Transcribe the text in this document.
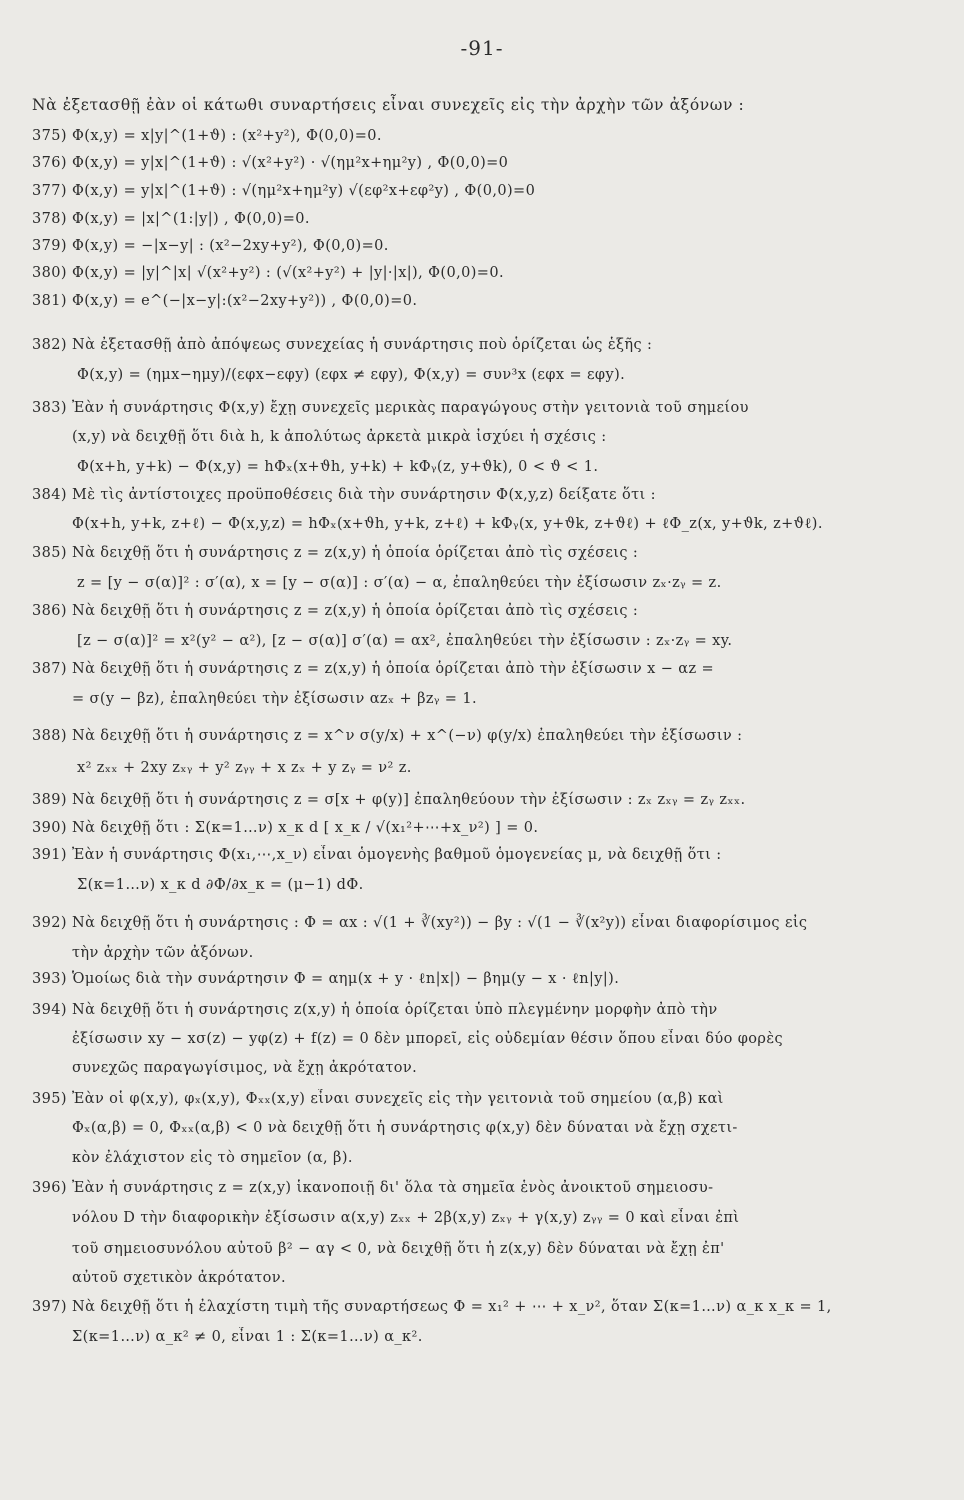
-91-
Νὰ ἐξετασθῇ ἐὰν οἱ κάτωθι συναρτήσεις εἶναι συνεχεῖς εἰς τὴν ἀρχὴν τῶν ἀξόνων :
375) Φ(x,y) = x|y|^(1+ϑ) : (x²+y²), Φ(0,0)=0.
376) Φ(x,y) = y|x|^(1+ϑ) : √(x²+y²) · √(ημ²x+ημ²y) , Φ(0,0)=0
377) Φ(x,y) = y|x|^(1+ϑ) : √(ημ²x+ημ²y) √(εφ²x+εφ²y) , Φ(0,0)=0
378) Φ(x,y) = |x|^(1:|y|) , Φ(0,0)=0.
379) Φ(x,y) = −|x−y| : (x²−2xy+y²), Φ(0,0)=0.
380) Φ(x,y) = |y|^|x| √(x²+y²) : (√(x²+y²) + |y|·|x|), Φ(0,0)=0.
381) Φ(x,y) = e^(−|x−y|:(x²−2xy+y²)) , Φ(0,0)=0.
382) Νὰ ἐξετασθῇ ἀπὸ ἀπόψεως συνεχείας ἡ συνάρτησις ποὺ ὁρίζεται ὡς ἑξῆς :
Φ(x,y) = (ημx−ημy)/(εφx−εφy) (εφx ≠ εφy), Φ(x,y) = συν³x (εφx = εφy).
383) Ἐὰν ἡ συνάρτησις Φ(x,y) ἔχῃ συνεχεῖς μερικὰς παραγώγους στὴν γειτονιὰ τοῦ σημείου
(x,y) νὰ δειχθῇ ὅτι διὰ h, k ἀπολύτως ἀρκετὰ μικρὰ ἰσχύει ἡ σχέσις :
Φ(x+h, y+k) − Φ(x,y) = hΦₓ(x+ϑh, y+k) + kΦᵧ(z, y+ϑk), 0 < ϑ < 1.
384) Μὲ τὶς ἀντίστοιχες προϋποθέσεις διὰ τὴν συνάρτησιν Φ(x,y,z) δείξατε ὅτι :
Φ(x+h, y+k, z+ℓ) − Φ(x,y,z) = hΦₓ(x+ϑh, y+k, z+ℓ) + kΦᵧ(x, y+ϑk, z+ϑℓ) + ℓΦ_z(x, y+ϑk, z+ϑℓ).
385) Νὰ δειχθῇ ὅτι ἡ συνάρτησις z = z(x,y) ἡ ὁποία ὁρίζεται ἀπὸ τὶς σχέσεις :
z = [y − σ(α)]² : σ′(α), x = [y − σ(α)] : σ′(α) − α, ἐπαληθεύει τὴν ἐξίσωσιν zₓ·zᵧ = z.
386) Νὰ δειχθῇ ὅτι ἡ συνάρτησις z = z(x,y) ἡ ὁποία ὁρίζεται ἀπὸ τὶς σχέσεις :
[z − σ(α)]² = x²(y² − α²), [z − σ(α)] σ′(α) = αx², ἐπαληθεύει τὴν ἐξίσωσιν : zₓ·zᵧ = xy.
387) Νὰ δειχθῇ ὅτι ἡ συνάρτησις z = z(x,y) ἡ ὁποία ὁρίζεται ἀπὸ τὴν ἐξίσωσιν x − αz =
= σ(y − βz), ἐπαληθεύει τὴν ἐξίσωσιν αzₓ + βzᵧ = 1.
388) Νὰ δειχθῇ ὅτι ἡ συνάρτησις z = x^ν σ(y/x) + x^(−ν) φ(y/x) ἐπαληθεύει τὴν ἐξίσωσιν :
x² zₓₓ + 2xy zₓᵧ + y² zᵧᵧ + x zₓ + y zᵧ = ν² z.
389) Νὰ δειχθῇ ὅτι ἡ συνάρτησις z = σ[x + φ(y)] ἐπαληθεύουν τὴν ἐξίσωσιν : zₓ zₓᵧ = zᵧ zₓₓ.
390) Νὰ δειχθῇ ὅτι : Σ(κ=1…ν) x_κ d [ x_κ / √(x₁²+⋯+x_ν²) ] = 0.
391) Ἐὰν ἡ συνάρτησις Φ(x₁,⋯,x_ν) εἶναι ὁμογενὴς βαθμοῦ ὁμογενείας μ, νὰ δειχθῇ ὅτι :
Σ(κ=1…ν) x_κ d ∂Φ/∂x_κ = (μ−1) dΦ.
392) Νὰ δειχθῇ ὅτι ἡ συνάρτησις : Φ = αx : √(1 + ∛(xy²)) − βy : √(1 − ∛(x²y)) εἶναι διαφορίσιμος εἰς
τὴν ἀρχὴν τῶν ἀξόνων.
393) Ὁμοίως διὰ τὴν συνάρτησιν Φ = αημ(x + y · ℓn|x|) − βημ(y − x · ℓn|y|).
394) Νὰ δειχθῇ ὅτι ἡ συνάρτησις z(x,y) ἡ ὁποία ὁρίζεται ὑπὸ πλεγμένην μορφὴν ἀπὸ τὴν
ἐξίσωσιν xy − xσ(z) − yφ(z) + f(z) = 0 δὲν μπορεῖ, εἰς οὐδεμίαν θέσιν ὅπου εἶναι δύο φορὲς
συνεχῶς παραγωγίσιμος, νὰ ἔχῃ ἀκρότατον.
395) Ἐὰν οἱ φ(x,y), φₓ(x,y), Φₓₓ(x,y) εἶναι συνεχεῖς εἰς τὴν γειτονιὰ τοῦ σημείου (α,β) καὶ
Φₓ(α,β) = 0, Φₓₓ(α,β) < 0 νὰ δειχθῇ ὅτι ἡ συνάρτησις φ(x,y) δὲν δύναται νὰ ἔχῃ σχετι-
κὸν ἐλάχιστον εἰς τὸ σημεῖον (α, β).
396) Ἐὰν ἡ συνάρτησις z = z(x,y) ἱκανοποιῇ δι' ὅλα τὰ σημεῖα ἑνὸς ἀνοικτοῦ σημειοσυ-
νόλου D τὴν διαφορικὴν ἐξίσωσιν α(x,y) zₓₓ + 2β(x,y) zₓᵧ + γ(x,y) zᵧᵧ = 0 καὶ εἶναι ἐπὶ
τοῦ σημειοσυνόλου αὐτοῦ β² − αγ < 0, νὰ δειχθῇ ὅτι ἡ z(x,y) δὲν δύναται νὰ ἔχῃ ἐπ'
αὐτοῦ σχετικὸν ἀκρότατον.
397) Νὰ δειχθῇ ὅτι ἡ ἐλαχίστη τιμὴ τῆς συναρτήσεως Φ = x₁² + ⋯ + x_ν², ὅταν Σ(κ=1…ν) α_κ x_κ = 1,
Σ(κ=1…ν) α_κ² ≠ 0, εἶναι 1 : Σ(κ=1…ν) α_κ².
